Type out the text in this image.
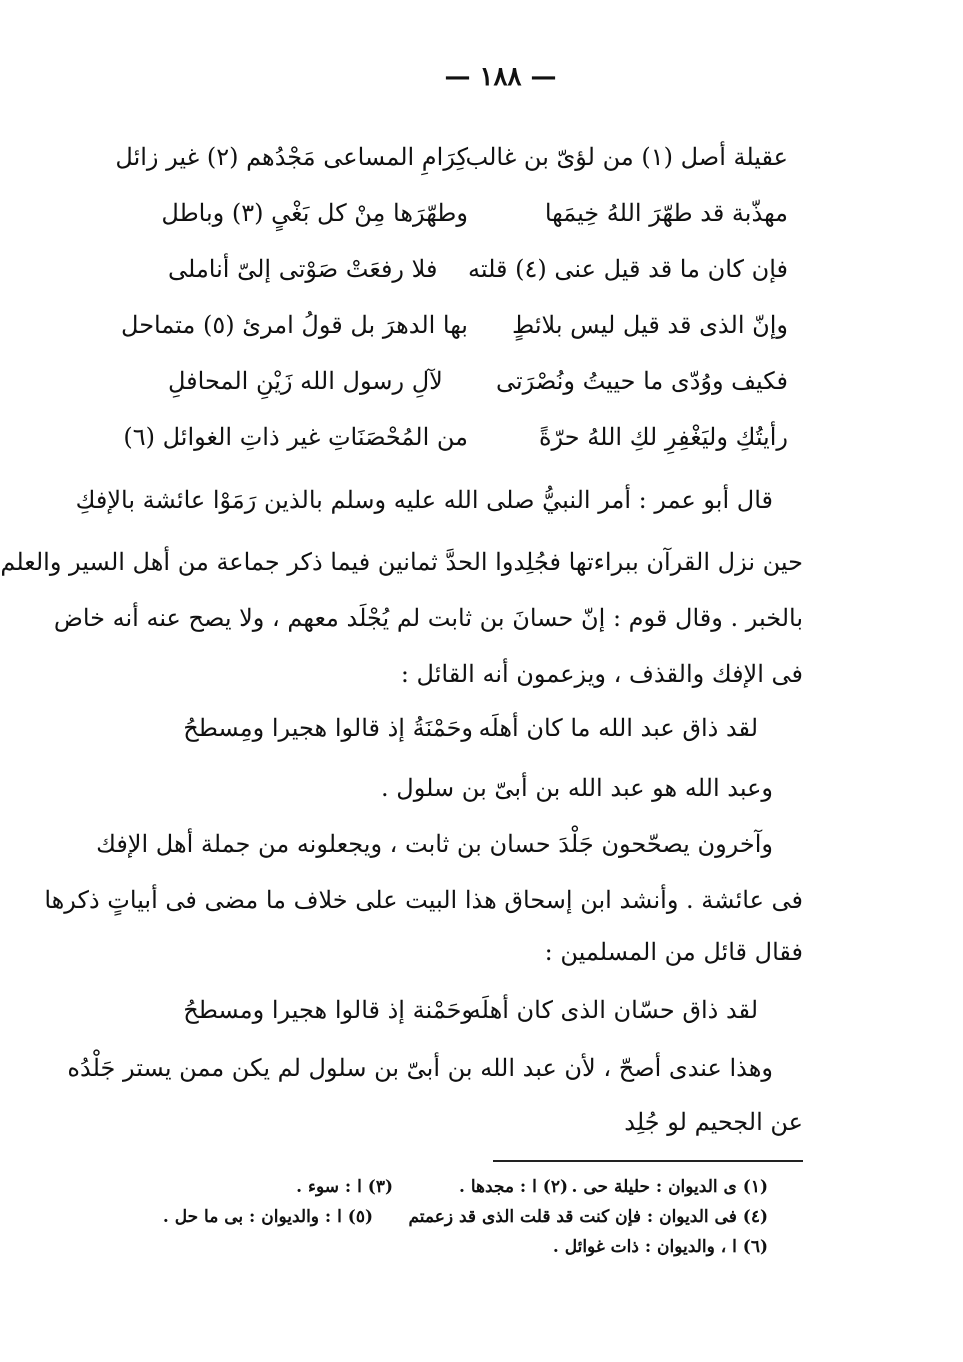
— ١٨٨ —
عقيلة أصل (١) من لؤىّ بن غالب
كِرَامِ المساعى مَجْدُهم (٢) غير زائل
مهذّبة قد طهّرَ اللهُ خِيمَها
وطهّرَها مِنْ كل بَغْىٍ (٣) وباطل
فإن كان ما قد قيل عنى (٤) قلته
فلا رفعَتْ صَوْتى إلىّ أناملى
وإنّ الذى قد قيل ليس بلائطٍ
بها الدهرَ بل قولُ امرئ (٥) متماحل
فكيف ووُدّى ما حييتُ ونُصْرَتى
لآلِ رسول الله زَيْنِ المحافلِ
رأيتُكِ وليَغْفِرِ لكِ اللهُ حرّةً
من المُحْصَنَاتِ غير ذاتِ الغوائل (٦)
قال أبو عمر : أمر النبيُّ صلى الله عليه وسلم بالذين رَمَوْا عائشة بالإفكِ
حين نزل القرآن ببراءتها فجُلِدوا الحدَّ ثمانين فيما ذكر جماعة من أهل السير والعلم
بالخبر . وقال قوم : إنّ حسانَ بن ثابت لم يُجْلَد معهم ، ولا يصح عنه أنه خاض
فى الإفك والقذف ، ويزعمون أنه القائل :
لقد ذاق عبد الله ما كان أهلَه
وحَمْنَةُ إذ قالوا هجيرا ومِسطحُ
وعبد الله هو عبد الله بن أبىّ بن سلول .
وآخرون يصحّحون جَلْدَ حسان بن ثابت ، ويجعلونه من جملة أهل الإفك
فى عائشة . وأنشد ابن إسحاق هذا البيت على خلاف ما مضى فى أبياتٍ ذكرها
فقال قائل من المسلمين :
لقد ذاق حسّان الذى كان أهلَه
وحَمْنة إذ قالوا هجيرا ومسطحُ
وهذا عندى أصحّ ، لأن عبد الله بن أبىّ بن سلول لم يكن ممن يستر جَلْدُه
عن الجحيم لو جُلِد
(١) ى الديوان : حليلة حى .
(٢) ا : مجدها .
(٣) ا : سوء .
(٤) فى الديوان : فإن كنت قد قلت الذى قد زعمتم
(٥) ا : والديوان : بى ما حل .
(٦) ا ، والديوان : ذات غوائل .
